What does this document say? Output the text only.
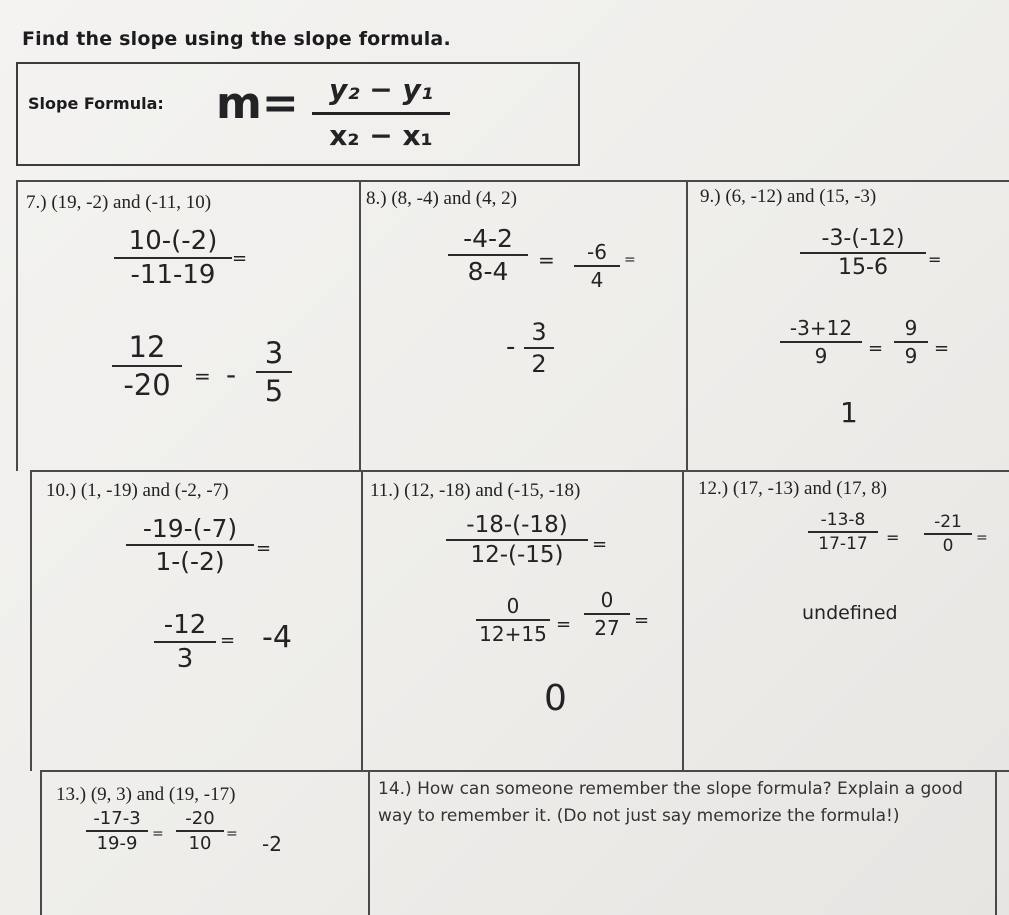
Find the slope using the slope formula.
Slope Formula: m=	y₂ − y₁
x₂ − x₁
7.) (19, -2) and (-11, 10)
10-(-2)
-11-19
=
12
-20	= -
3
5
8.) (8, -4) and (4, 2)
-4-2
8-4	=	-6
4
=
- 3
2
9.) (6, -12) and (15, -3)
-3-(-12)
15-6	=
-3+12
9	=
9
9 =
1
10.) (1, -19) and (-2, -7)
-19-(-7)
1-(-2)	=
-12
3
= -4
11.) (12, -18) and (-15, -18)
-18-(-18)
12-(-15)	=
0
12+15 =
0
27 =
0
12.) (17, -13) and (17, 8)
-13-8
17-17	=
-21
0	=
undefined
13.) (9, 3) and (19, -17)
-17-3
19-9	=
-20
10	= -2
14.) How can someone remember the slope formula? Explain a good way to remember it. (Do not just say memorize the formula!)
